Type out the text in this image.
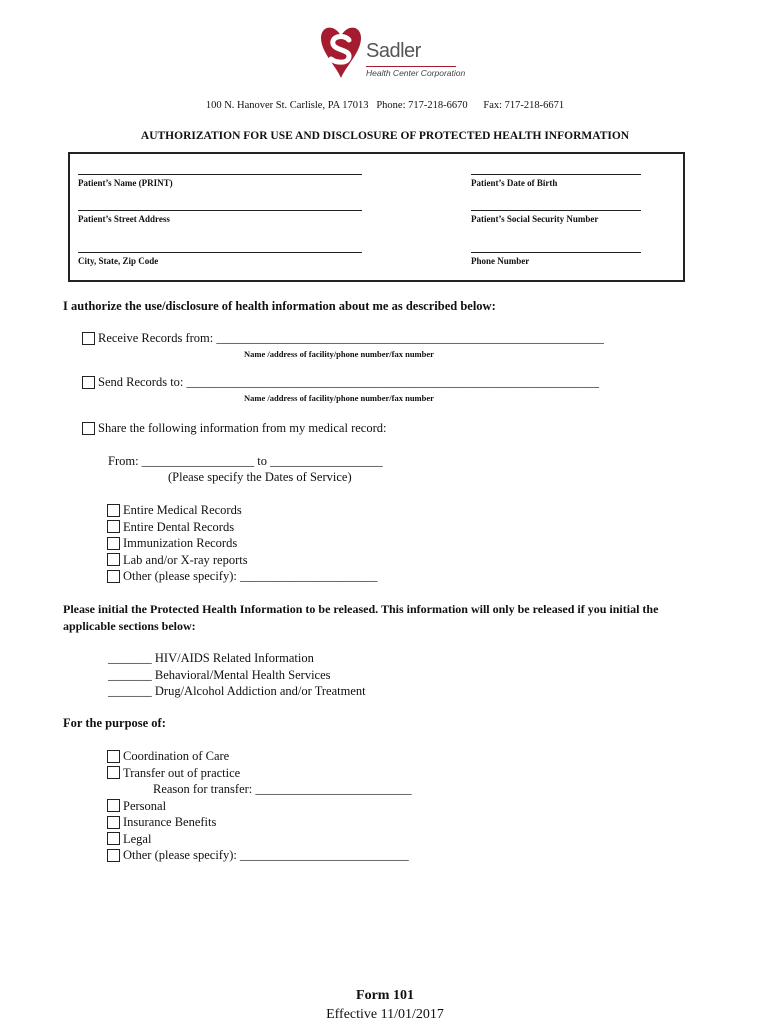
Sadler
Health Center Corporation
100 N. Hanover St. Carlisle, PA 17013   Phone: 717-218-6670      Fax: 717-218-6671
AUTHORIZATION FOR USE AND DISCLOSURE OF PROTECTED HEALTH INFORMATION
Patient’s Name (PRINT)	Patient’s Date of Birth
Patient’s Street Address	Patient’s Social Security Number
City, State, Zip Code	Phone Number
I authorize the use/disclosure of health information about me as described below:
Receive Records from: ______________________________________________________________
Name /address of facility/phone number/fax number
Send Records to: __________________________________________________________________
Name /address of facility/phone number/fax number
Share the following information from my medical record:
From: __________________ to __________________
(Please specify the Dates of Service)
Entire Medical Records
Entire Dental Records
Immunization Records
Lab and/or X-ray reports
Other (please specify): ______________________
Please initial the Protected Health Information to be released. This information will only be released if you initial the applicable sections below:
_______ HIV/AIDS Related Information
_______ Behavioral/Mental Health Services
_______ Drug/Alcohol Addiction and/or Treatment
For the purpose of:
Coordination of Care
Transfer out of practice
Reason for transfer: _________________________
Personal
Insurance Benefits
Legal
Other (please specify): ___________________________
Form 101
Effective 11/01/2017
